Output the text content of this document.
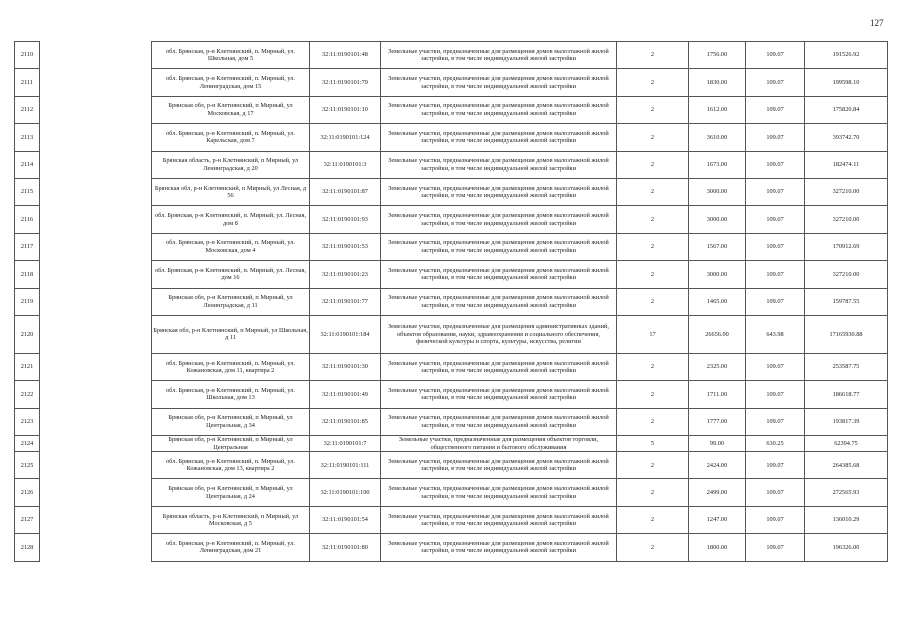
127
2110		обл. Брянская, р-н Клетнянский, п. Мирный, ул. Школьная, дом 5	32:11:0190101:48	Земельные участки, предназначенные для размещения домов малоэтажной жилой застройки, в том числе индивидуальной жилой застройки	2	1756.00	109.07	191526.92
2111		обл. Брянская, р-н Клетнянский, п. Мирный, ул. Ленинградская, дом 15	32:11:0190101:79	Земельные участки, предназначенные для размещения домов малоэтажной жилой застройки, в том числе индивидуальной жилой застройки	2	1830.00	109.07	199598.10
2112		Брянская обл, р-н Клетнянский, п Мирный, ул Московская, д 17	32:11:0190101:10	Земельные участки, предназначенные для размещения домов малоэтажной жилой застройки, в том числе индивидуальной жилой застройки	2	1612.00	109.07	175820.84
2113		обл. Брянская, р-н Клетнянский, п. Мирный, ул. Карельская, дом 7	32:11:0190101:124	Земельные участки, предназначенные для размещения домов малоэтажной жилой застройки, в том числе индивидуальной жилой застройки	2	3610.00	109.07	393742.70
2114		Брянская область, р-н Клетнянский, п Мирный, ул Ленинградская, д 20	32:11:0190101:3	Земельные участки, предназначенные для размещения домов малоэтажной жилой застройки, в том числе индивидуальной жилой застройки	2	1673.00	109.07	182474.11
2115		Брянская обл, р-н Клетнянский, п Мирный, ул Лесная, д 56	32:11:0190101:87	Земельные участки, предназначенные для размещения домов малоэтажной жилой застройки, в том числе индивидуальной жилой застройки	2	3000.00	109.07	327210.00
2116		обл. Брянская, р-н Клетнянский, п. Мирный, ул. Лесная, дом 8	32:11:0190101:93	Земельные участки, предназначенные для размещения домов малоэтажной жилой застройки, в том числе индивидуальной жилой застройки	2	3000.00	109.07	327210.00
2117		обл. Брянская, р-н Клетнянский, п. Мирный, ул. Московская, дом 4	32:11:0190101:53	Земельные участки, предназначенные для размещения домов малоэтажной жилой застройки, в том числе индивидуальной жилой застройки	2	1567.00	109.07	170912.69
2118		обл. Брянская, р-н Клетнянский, п. Мирный, ул. Лесная, дом 16	32:11:0190101:23	Земельные участки, предназначенные для размещения домов малоэтажной жилой застройки, в том числе индивидуальной жилой застройки	2	3000.00	109.07	327210.00
2119		Брянская обл, р-н Клетнянский, п Мирный, ул Ленинградская, д 11	32:11:0190101:77	Земельные участки, предназначенные для размещения домов малоэтажной жилой застройки, в том числе индивидуальной жилой застройки	2	1465.00	109.07	159787.55
2120		Брянская обл, р-н Клетнянский, п Мирный, ул Школьная, д 11	32:11:0190101:184	Земельные участки, предназначенные для размещения административных зданий, объектов образования, науки, здравоохранения и социального обеспечения, физической культуры и спорта, культуры, искусства, религии	17	26656.00	643.98	17165930.88
2121		обл. Брянская, р-н Клетнянский, п. Мирный, ул. Кожановская, дом 11, квартира 2	32:11:0190101:30	Земельные участки, предназначенные для размещения домов малоэтажной жилой застройки, в том числе индивидуальной жилой застройки	2	2325.00	109.07	253587.75
2122		обл. Брянская, р-н Клетнянский, п. Мирный, ул. Школьная, дом 13	32:11:0190101:49	Земельные участки, предназначенные для размещения домов малоэтажной жилой застройки, в том числе индивидуальной жилой застройки	2	1711.00	109.07	186618.77
2123		Брянская обл, р-н Клетнянский, п Мирный, ул Центральная, д 34	32:11:0190101:85	Земельные участки, предназначенные для размещения домов малоэтажной жилой застройки, в том числе индивидуальной жилой застройки	2	1777.00	109.07	193817.39
2124		Брянская обл, р-н Клетнянский, п Мирный, ул Центральная	32:11:0190101:7	Земельные участки, предназначенные для размещения объектов торговли, общественного питания и бытового обслуживания	5	99.00	630.25	62394.75
2125		обл. Брянская, р-н Клетнянский, п. Мирный, ул. Кожановская, дом 13, квартира 2	32:11:0190101:111	Земельные участки, предназначенные для размещения домов малоэтажной жилой застройки, в том числе индивидуальной жилой застройки	2	2424.00	109.07	264385.68
2126		Брянская обл, р-н Клетнянский, п Мирный, ул Центральная, д 24	32:11:0190101:190	Земельные участки, предназначенные для размещения домов малоэтажной жилой застройки, в том числе индивидуальной жилой застройки	2	2499.00	109.07	272565.93
2127		Брянская область, р-н Клетнянский, п Мирный, ул Московская, д 5	32:11:0190101:54	Земельные участки, предназначенные для размещения домов малоэтажной жилой застройки, в том числе индивидуальной жилой застройки	2	1247.00	109.07	136010.29
2128		обл. Брянская, р-н Клетнянский, п. Мирный, ул. Ленинградская, дом 21	32:11:0190101:80	Земельные участки, предназначенные для размещения домов малоэтажной жилой застройки, в том числе индивидуальной жилой застройки	2	1800.00	109.07	196326.00
